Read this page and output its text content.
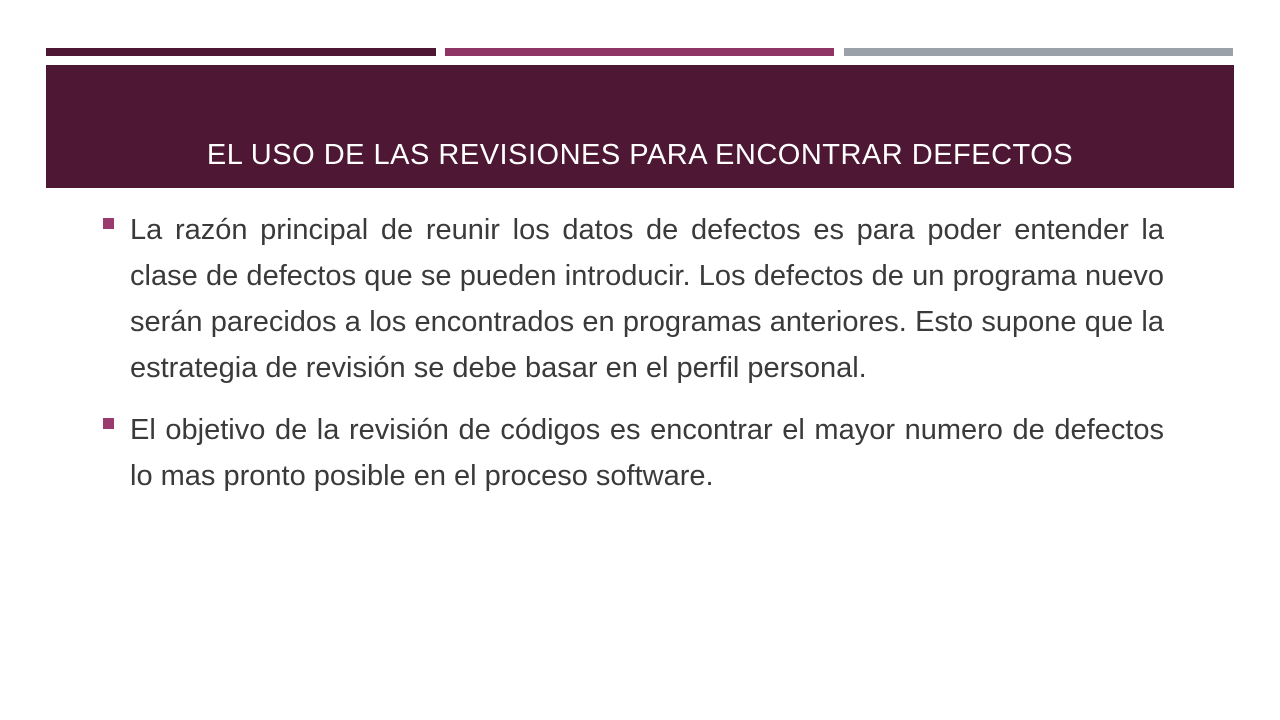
EL USO DE LAS REVISIONES PARA ENCONTRAR DEFECTOS
La razón principal de reunir los datos de defectos es para poder entender la clase de defectos que se pueden introducir. Los defectos de un programa nuevo serán parecidos a los encontrados en programas anteriores. Esto supone que la estrategia de revisión se debe basar en el perfil personal.
El objetivo de la revisión de códigos es encontrar el mayor numero de defectos lo mas pronto posible en el proceso software.
